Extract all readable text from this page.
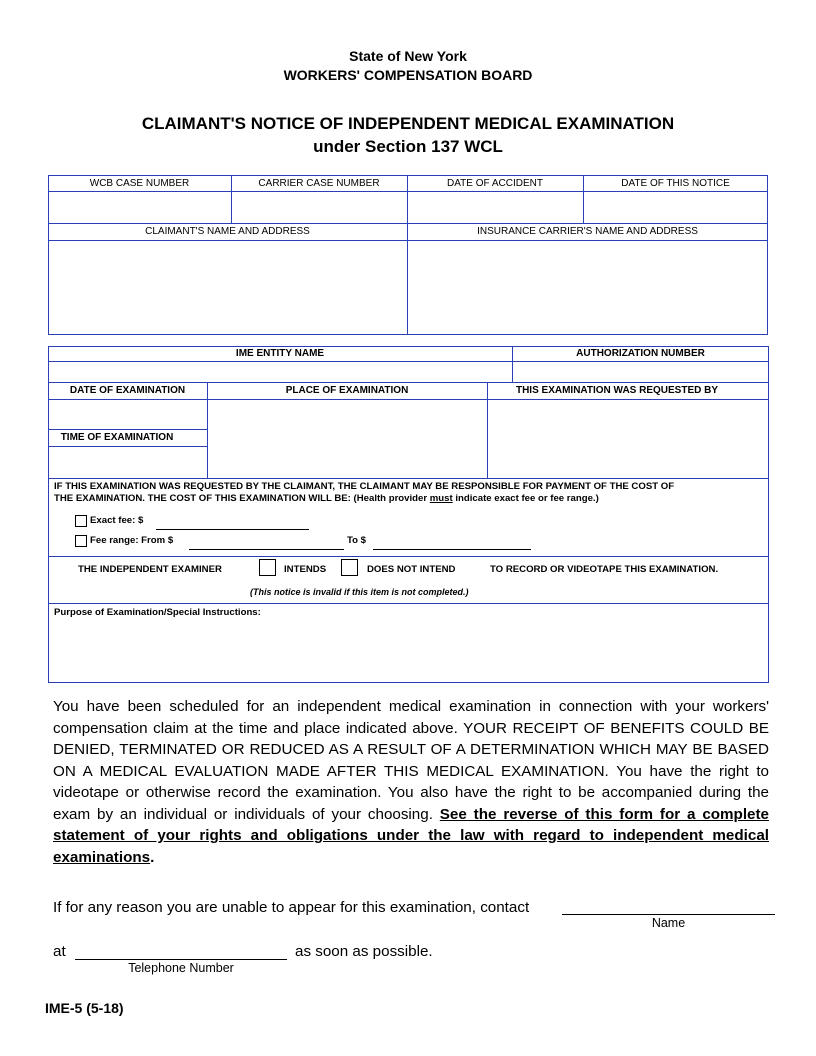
State of New York
WORKERS' COMPENSATION BOARD
CLAIMANT'S NOTICE OF INDEPENDENT MEDICAL EXAMINATION
under Section 137 WCL
WCB CASE NUMBER	CARRIER CASE NUMBER	DATE OF ACCIDENT	DATE OF THIS NOTICE
CLAIMANT'S NAME AND ADDRESS	INSURANCE CARRIER'S NAME AND ADDRESS
IME ENTITY NAME	AUTHORIZATION NUMBER
DATE OF EXAMINATION	PLACE OF EXAMINATION	THIS EXAMINATION WAS REQUESTED BY
TIME OF EXAMINATION
IF THIS EXAMINATION WAS REQUESTED BY THE CLAIMANT, THE CLAIMANT MAY BE RESPONSIBLE FOR PAYMENT OF THE COST OF
THE EXAMINATION. THE COST OF THIS EXAMINATION WILL BE: (Health provider must indicate exact fee or fee range.)
Exact fee: $
Fee range: From $	To $
THE INDEPENDENT EXAMINER	INTENDS	DOES NOT INTEND	TO RECORD OR VIDEOTAPE THIS EXAMINATION.
(This notice is invalid if this item is not completed.)
Purpose of Examination/Special Instructions:
You have been scheduled for an independent medical examination in connection with your workers' compensation claim at the time and place indicated above. YOUR RECEIPT OF BENEFITS COULD BE DENIED, TERMINATED OR REDUCED AS A RESULT OF A DETERMINATION WHICH MAY BE BASED ON A MEDICAL EVALUATION MADE AFTER THIS MEDICAL EXAMINATION. You have the right to videotape or otherwise record the examination. You also have the right to be accompanied during the exam by an individual or individuals of your choosing. See the reverse of this form for a complete statement of your rights and obligations under the law with regard to independent medical examinations.
If for any reason you are unable to appear for this examination, contact
Name
at	as soon as possible.
Telephone Number
IME-5 (5-18)
